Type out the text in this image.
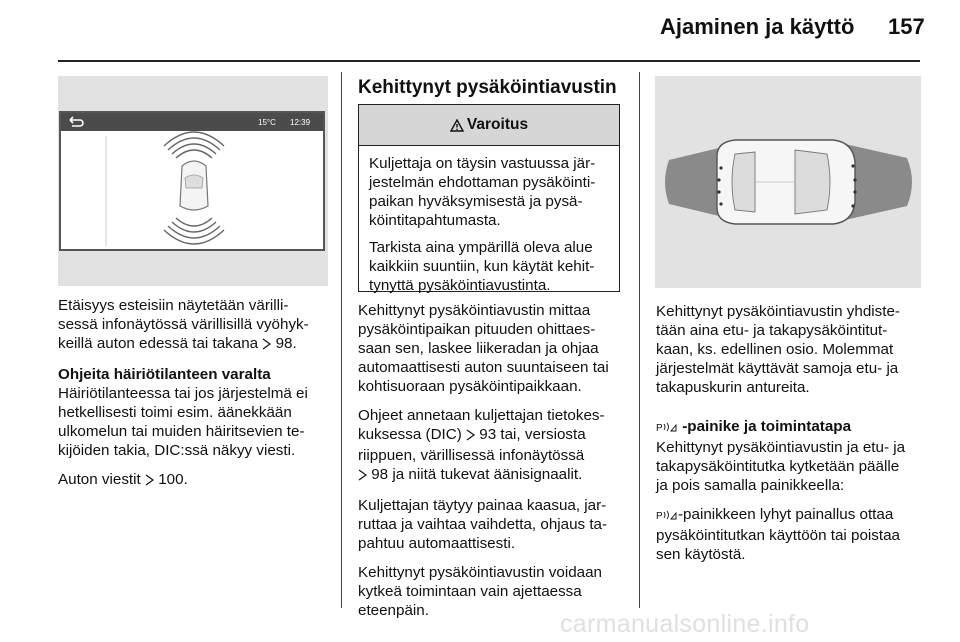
Ajaminen ja käyttö 157
15°C 12:39

Etäisyys esteisiin näytetään värilli-
sessä infonäytössä värillisillä vyöhyk-
keillä auton edessä tai takana 98.

Ohjeita häiriötilanteen varalta

Häiriötilanteessa tai jos järjestelmä ei
hetkellisesti toimi esim. äänekkään
ulkomelun tai muiden häiritsevien te-
kijöiden takia, DIC:ssä näkyy viesti.

Auton viestit 100.

Kehittynyt pysäköintiavustin
Varoitus

Kuljettaja on täysin vastuussa jär-
jestelmän ehdottaman pysäköinti-
paikan hyväksymisestä ja pysä-
köintitapahtumasta.

Tarkista aina ympärillä oleva alue
kaikkiin suuntiin, kun käytät kehit-
tynyttä pysäköintiavustinta.

Kehittynyt pysäköintiavustin mittaa
pysäköintipaikan pituuden ohittaes-
saan sen, laskee liikeradan ja ohjaa
automaattisesti auton suuntaiseen tai
kohtisuoraan pysäköintipaikkaan.

Ohjeet annetaan kuljettajan tietokes-
kuksessa (DIC) 93 tai, versiosta
riippuen, värillisessä infonäytössä
98 ja niitä tukevat äänisignaalit.

Kuljettajan täytyy painaa kaasua, jar-
ruttaa ja vaihtaa vaihdetta, ohjaus ta-
pahtuu automaattisesti.

Kehittynyt pysäköintiavustin voidaan
kytkeä toimintaan vain ajettaessa
eteenpäin.

Kehittynyt pysäköintiavustin yhdiste-
tään aina etu- ja takapysäköintitut-
kaan, ks. edellinen osio. Molemmat
järjestelmät käyttävät samoja etu- ja
takapuskurin antureita.

P -painike ja toimintatapa

Kehittynyt pysäköintiavustin ja etu- ja
takapysäköintitutka kytketään päälle
ja pois samalla painikkeella:

P -painikkeen lyhyt painallus ottaa
pysäköintitutkan käyttöön tai poistaa
sen käytöstä.

carmanualsonline.info
